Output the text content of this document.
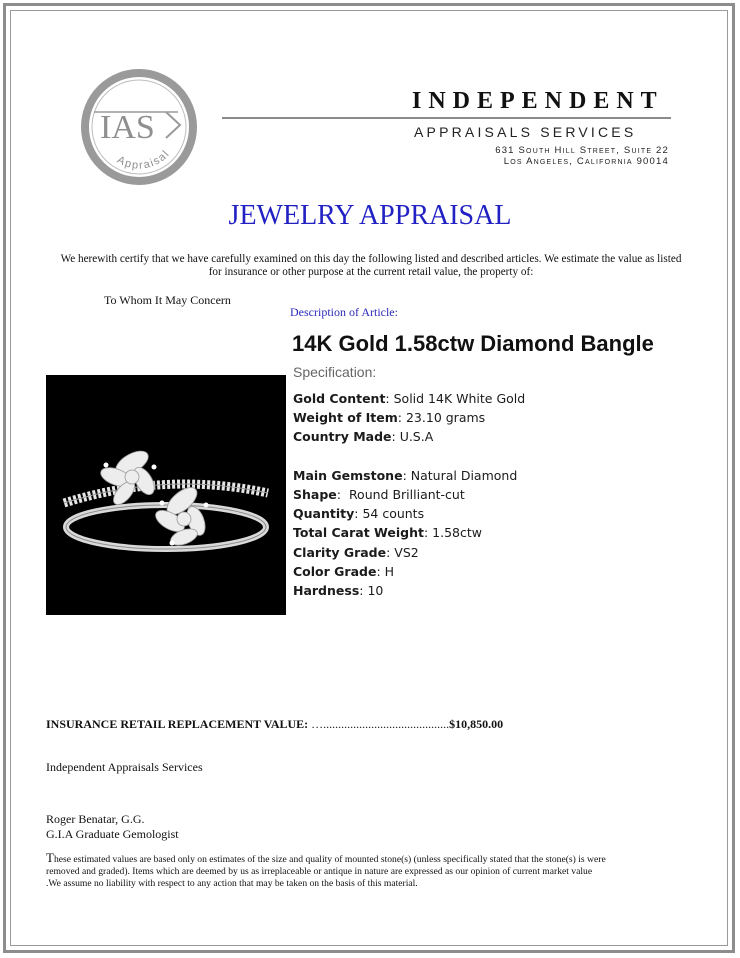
IAS
Appraisal
INDEPENDENT
APPRAISALS SERVICES
631 South Hill Street, Suite 22
Los Angeles, California 90014
JEWELRY APPRAISAL
We herewith certify that we have carefully examined on this day the following listed and described articles. We estimate the value as listed for insurance or other purpose at the current retail value, the property of:
To Whom It May Concern
Description of Article:
14K Gold 1.58ctw Diamond Bangle
Specification:
Gold Content: Solid 14K White Gold
Weight of Item: 23.10 grams
Country Made: U.S.A
Main Gemstone: Natural Diamond
Shape:  Round Brilliant-cut
Quantity: 54 counts
Total Carat Weight: 1.58ctw
Clarity Grade: VS2
Color Grade: H
Hardness: 10
INSURANCE RETAIL REPLACEMENT VALUE: …..........................................$10,850.00
Independent Appraisals Services
Roger Benatar, G.G.
G.I.A Graduate Gemologist
These estimated values are based only on estimates of the size and quality of mounted stone(s) (unless specifically stated that the stone(s) is were removed and graded). Items which are deemed by us as irreplaceable or antique in nature are expressed as our opinion of current market value .We assume no liability with respect to any action that may be taken on the basis of this material.
